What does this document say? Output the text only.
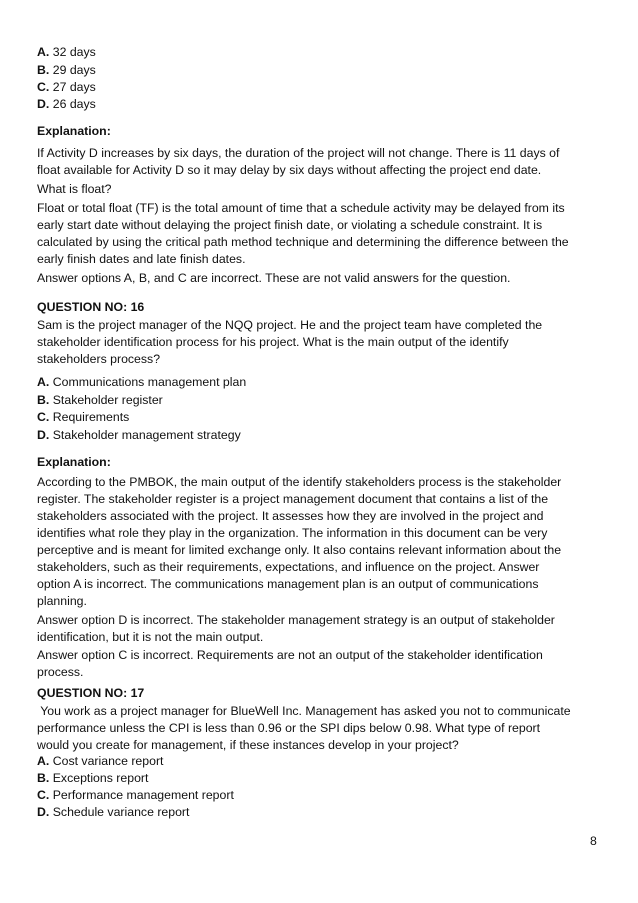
A. 32 days
B. 29 days
C. 27 days
D. 26 days
Explanation:
If Activity D increases by six days, the duration of the project will not change. There is 11 days of
float available for Activity D so it may delay by six days without affecting the project end date.
What is float?
Float or total float (TF) is the total amount of time that a schedule activity may be delayed from its
early start date without delaying the project finish date, or violating a schedule constraint. It is
calculated by using the critical path method technique and determining the difference between the
early finish dates and late finish dates.
Answer options A, B, and C are incorrect. These are not valid answers for the question.
QUESTION NO: 16
Sam is the project manager of the NQQ project. He and the project team have completed the
stakeholder identification process for his project. What is the main output of the identify
stakeholders process?
A. Communications management plan
B. Stakeholder register
C. Requirements
D. Stakeholder management strategy
Explanation:
According to the PMBOK, the main output of the identify stakeholders process is the stakeholder
register. The stakeholder register is a project management document that contains a list of the
stakeholders associated with the project. It assesses how they are involved in the project and
identifies what role they play in the organization. The information in this document can be very
perceptive and is meant for limited exchange only. It also contains relevant information about the
stakeholders, such as their requirements, expectations, and influence on the project. Answer
option A is incorrect. The communications management plan is an output of communications
planning.
Answer option D is incorrect. The stakeholder management strategy is an output of stakeholder
identification, but it is not the main output.
Answer option C is incorrect. Requirements are not an output of the stakeholder identification
process.
QUESTION NO: 17
You work as a project manager for BlueWell Inc. Management has asked you not to communicate
performance unless the CPI is less than 0.96 or the SPI dips below 0.98. What type of report
would you create for management, if these instances develop in your project?
A. Cost variance report
B. Exceptions report
C. Performance management report
D. Schedule variance report
8
